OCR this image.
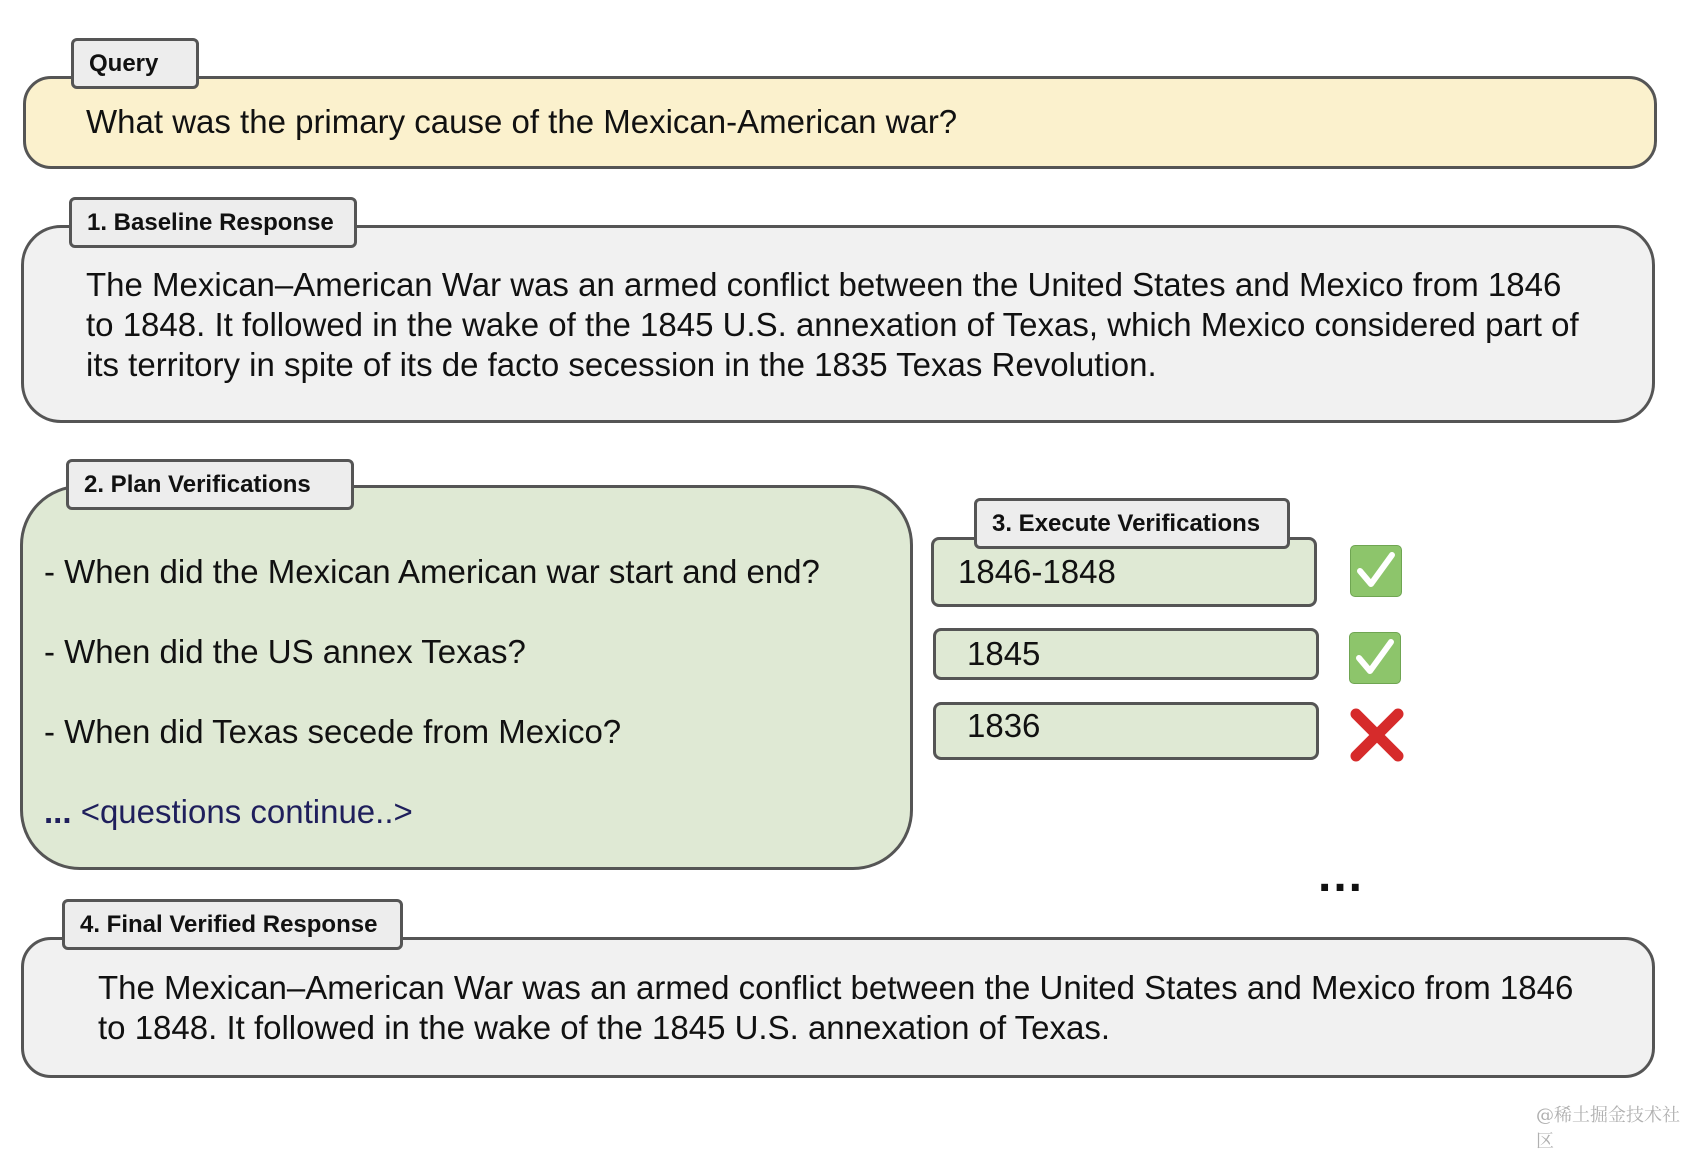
Query
What was the primary cause of the Mexican-American war?
1. Baseline Response
The Mexican–American War was an armed conflict between the United States and Mexico from 1846
to 1848. It followed in the wake of the 1845 U.S. annexation of Texas, which Mexico considered part of
its territory in spite of its de facto secession in the 1835 Texas Revolution.
2. Plan Verifications
- When did the Mexican American war start and end?
- When did the US annex Texas?
- When did Texas secede from Mexico?
... <questions continue..>
3. Execute Verifications
1846-1848
1845
1836
...
4. Final Verified Response
The Mexican–American War was an armed conflict between the United States and Mexico from 1846
to 1848. It followed in the wake of the 1845 U.S. annexation of Texas.
@稀土掘金技术社区
